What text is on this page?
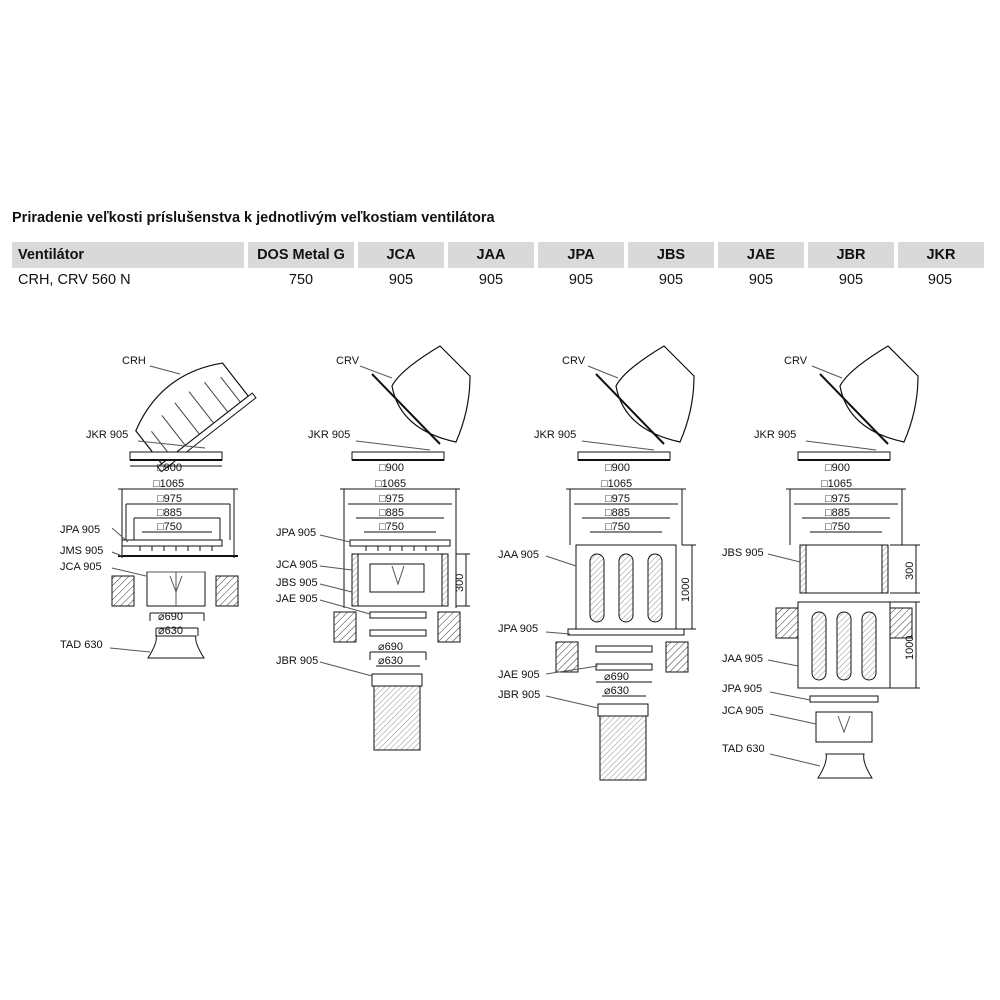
Priradenie veľkosti príslušenstva k jednotlivým veľkostiam ventilátora
Ventilátor	DOS Metal G	JCA	JAA	JPA	JBS	JAE	JBR	JKR
CRH, CRV 560 N	750	905	905	905	905	905	905	905
CRH
JKR 905
JPA 905
JMS 905
JCA 905
TAD 630
□900
□1065
□975
□885
□750
⌀690
⌀630
CRV
JKR 905
JPA 905
JCA 905
JBS 905
JAE 905
JBR 905
□900
□1065
□975
□885
□750
300
⌀690
⌀630
CRV
JKR 905
JAA 905
JPA 905
JAE 905
JBR 905
□900
□1065
□975
□885
□750
1000
⌀690
⌀630
CRV
JKR 905
JBS 905
JAA 905
JPA 905
JCA 905
TAD 630
□900
□1065
□975
□885
□750
300
1000
